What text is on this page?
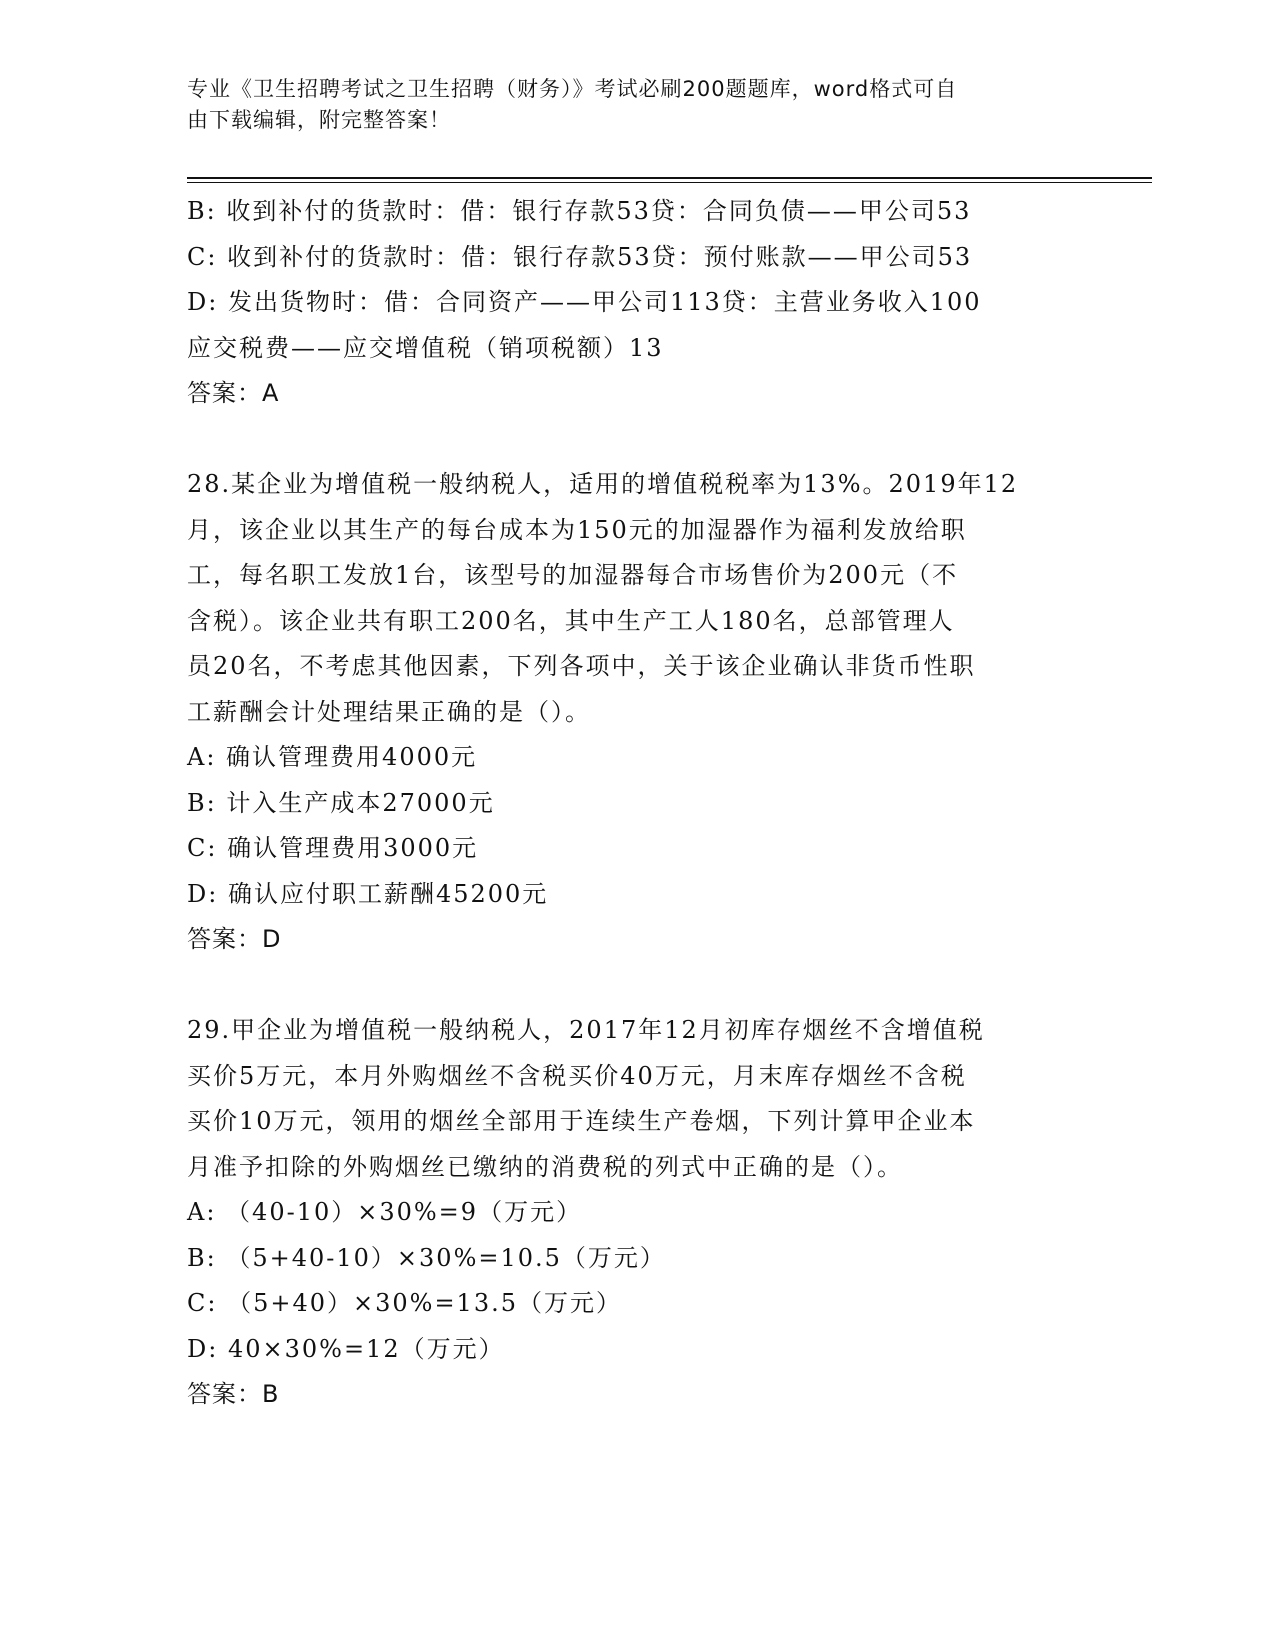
专业《卫生招聘考试之卫生招聘（财务）》考试必刷200题题库，word格式可自
由下载编辑，附完整答案！
B: 收到补付的货款时：借：银行存款53贷：合同负债——甲公司53
C: 收到补付的货款时：借：银行存款53贷：预付账款——甲公司53
D: 发出货物时：借：合同资产——甲公司113贷：主营业务收入100
应交税费——应交增值税（销项税额）13
答案：A
28.某企业为增值税一般纳税人，适用的增值税税率为13%。2019年12
月，该企业以其生产的每台成本为150元的加湿器作为福利发放给职
工，每名职工发放1台，该型号的加湿器每合市场售价为200元（不
含税）。该企业共有职工200名，其中生产工人180名，总部管理人
员20名，不考虑其他因素，下列各项中，关于该企业确认非货币性职
工薪酬会计处理结果正确的是（）。
A: 确认管理费用4000元
B: 计入生产成本27000元
C: 确认管理费用3000元
D: 确认应付职工薪酬45200元
答案：D
29.甲企业为增值税一般纳税人，2017年12月初库存烟丝不含增值税
买价5万元，本月外购烟丝不含税买价40万元，月末库存烟丝不含税
买价10万元，领用的烟丝全部用于连续生产卷烟，下列计算甲企业本
月准予扣除的外购烟丝已缴纳的消费税的列式中正确的是（）。
A: （40-10）×30%=9（万元）
B: （5+40-10）×30%=10.5（万元）
C: （5+40）×30%=13.5（万元）
D: 40×30%=12（万元）
答案：B
